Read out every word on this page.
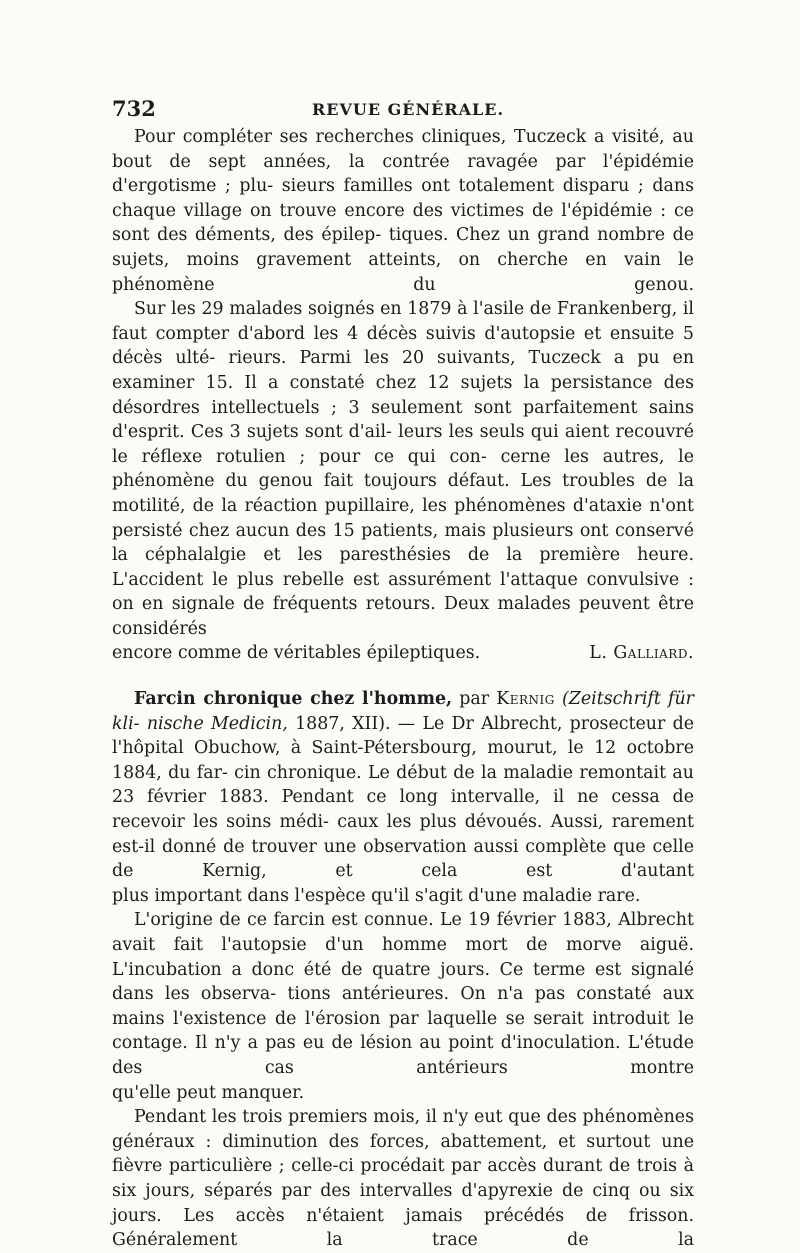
732	REVUE GÉNÉRALE.

Pour compléter ses recherches cliniques, Tuczeck a visité, au bout de sept années, la contrée ravagée par l'épidémie d'ergotisme ; plu- sieurs familles ont totalement disparu ; dans chaque village on trouve encore des victimes de l'épidémie : ce sont des déments, des épilep- tiques. Chez un grand nombre de sujets, moins gravement atteints, on cherche en vain le phénomène du genou.

Sur les 29 malades soignés en 1879 à l'asile de Frankenberg, il faut compter d'abord les 4 décès suivis d'autopsie et ensuite 5 décès ulté- rieurs. Parmi les 20 suivants, Tuczeck a pu en examiner 15. Il a constaté chez 12 sujets la persistance des désordres intellectuels ; 3 seulement sont parfaitement sains d'esprit. Ces 3 sujets sont d'ail- leurs les seuls qui aient recouvré le réflexe rotulien ; pour ce qui con- cerne les autres, le phénomène du genou fait toujours défaut. Les troubles de la motilité, de la réaction pupillaire, les phénomènes d'ataxie n'ont persisté chez aucun des 15 patients, mais plusieurs ont conservé la céphalalgie et les paresthésies de la première heure. L'accident le plus rebelle est assurément l'attaque convulsive : on en signale de fréquents retours. Deux malades peuvent être considérés

encore comme de véritables épileptiques.	L. Galliard.

Farcin chronique chez l'homme, par Kernig (Zeitschrift für kli- nische Medicin, 1887, XII). — Le Dr Albrecht, prosecteur de l'hôpital Obuchow, à Saint-Pétersbourg, mourut, le 12 octobre 1884, du far- cin chronique. Le début de la maladie remontait au 23 février 1883. Pendant ce long intervalle, il ne cessa de recevoir les soins médi- caux les plus dévoués. Aussi, rarement est-il donné de trouver une observation aussi complète que celle de Kernig, et cela est d'autant

plus important dans l'espèce qu'il s'agit d'une maladie rare.

L'origine de ce farcin est connue. Le 19 février 1883, Albrecht avait fait l'autopsie d'un homme mort de morve aiguë. L'incubation a donc été de quatre jours. Ce terme est signalé dans les observa- tions antérieures. On n'a pas constaté aux mains l'existence de l'érosion par laquelle se serait introduit le contage. Il n'y a pas eu de lésion au point d'inoculation. L'étude des cas antérieurs montre

qu'elle peut manquer.

Pendant les trois premiers mois, il n'y eut que des phénomènes généraux : diminution des forces, abattement, et surtout une fièvre particulière ; celle-ci procédait par accès durant de trois à six jours, séparés par des intervalles d'apyrexie de cinq ou six jours. Les accès n'étaient jamais précédés de frisson. Généralement la trace de la
